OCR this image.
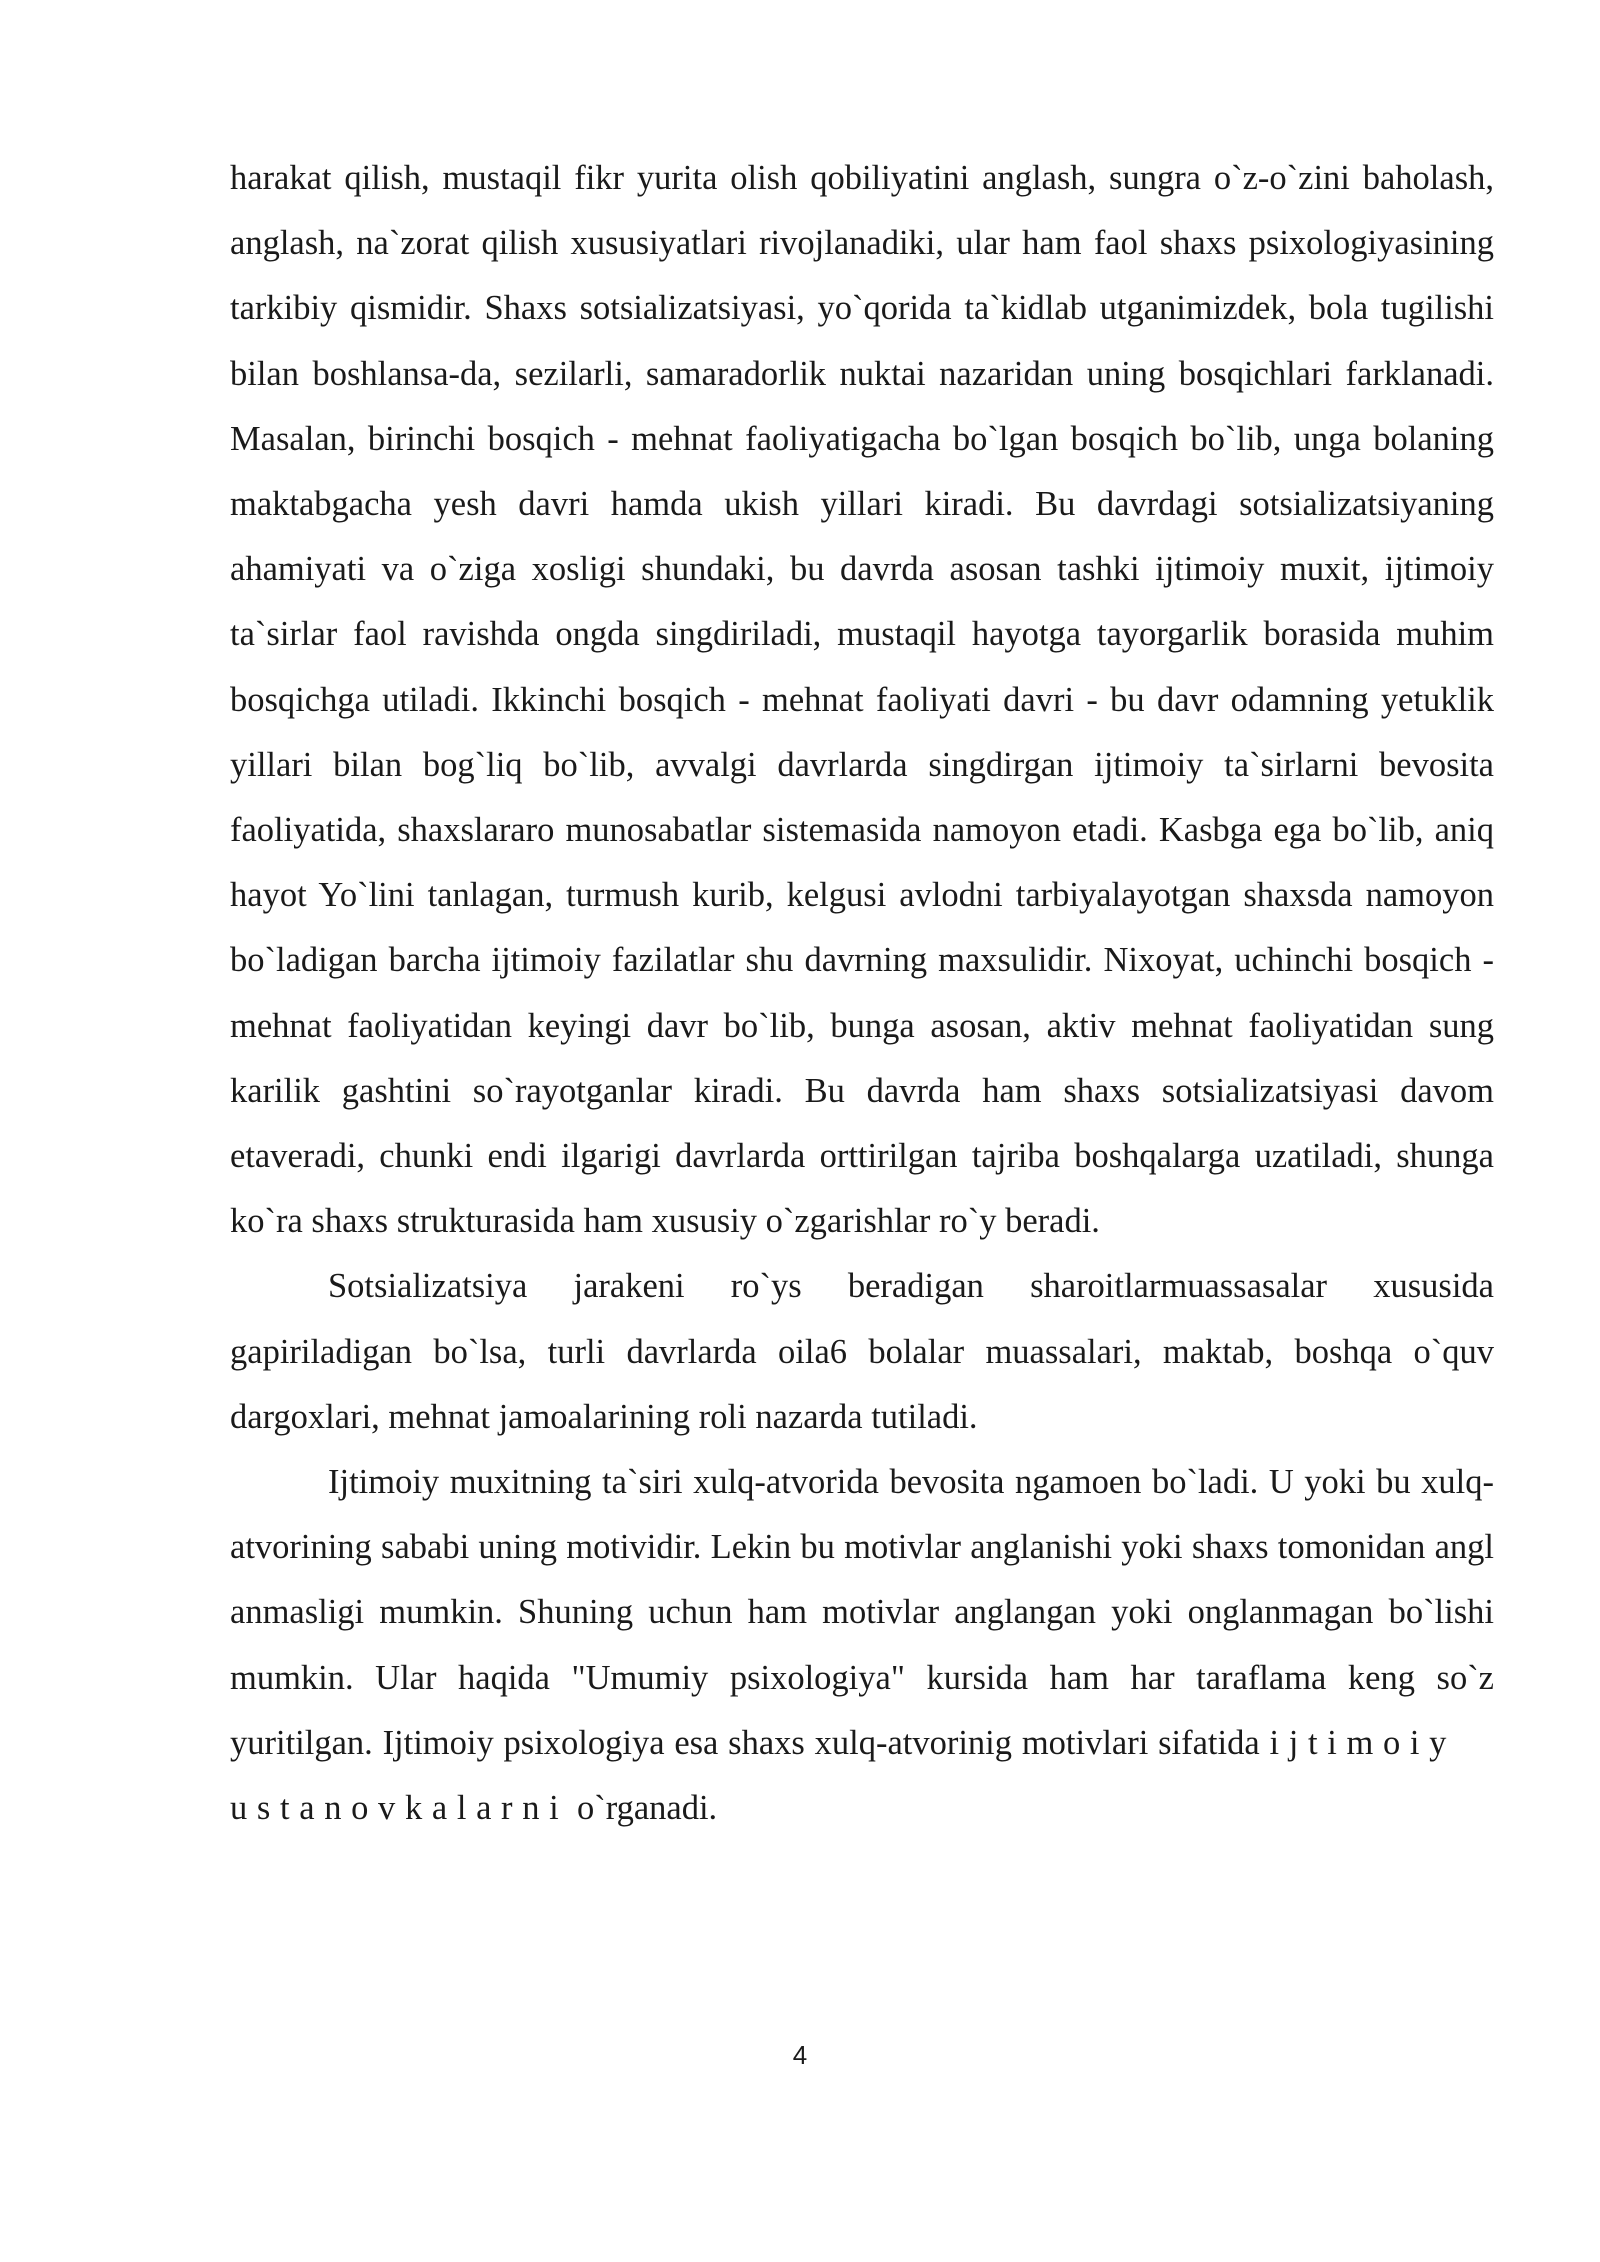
harakat qilish, mustaqil fikr yurita olish qobiliyatini anglash, sungra o`z-o`zini baholash, anglash, na`zorat qilish xususiyatlari rivojlanadiki, ular ham faol shaxs psixologiyasining tarkibiy qismidir. Shaxs sotsializatsiyasi, yo`qorida ta`kidlab utganimizdek, bola tugilishi bilan boshlansa-da, sezilarli, samaradorlik nuktai nazaridan uning bosqichlari farklanadi. Masalan, birinchi bosqich - mehnat faoliyatigacha bo`lgan bosqich bo`lib, unga bolaning maktabgacha yesh davri hamda ukish yillari kiradi. Bu davrdagi sotsializatsiyaning ahamiyati va o`ziga xosligi shundaki, bu davrda asosan tashki ijtimoiy muxit, ijtimoiy ta`sirlar faol ravishda ongda singdiriladi, mustaqil hayotga tayorgarlik borasida muhim bosqichga utiladi. Ikkinchi bosqich - mehnat faoliyati davri - bu davr odamning yetuklik yillari bilan bog`liq bo`lib, avvalgi davrlarda singdirgan ijtimoiy ta`sirlarni bevosita faoliyatida, shaxslararo munosabatlar sistemasida namoyon etadi. Kasbga ega bo`lib, aniq hayot Yo`lini tanlagan, turmush kurib, kelgusi avlodni tarbiyalayotgan shaxsda namoyon bo`ladigan barcha ijtimoiy fazilatlar shu davrning maxsulidir. Nixoyat, uchinchi bosqich - mehnat faoliyatidan keyingi davr bo`lib, bunga asosan, aktiv mehnat faoliyatidan sung karilik gashtini so`rayotganlar kiradi. Bu davrda ham shaxs sotsializatsiyasi davom etaveradi, chunki endi ilgarigi davrlarda orttirilgan tajriba boshqalarga uzatiladi, shunga ko`ra shaxs strukturasida ham xususiy o`zgarishlar ro`y beradi.

Sotsializatsiya jarakeni ro`ys beradigan sharoitlarmuassasalar xususida gapiriladigan bo`lsa, turli davrlarda oila6 bolalar muassalari, maktab, boshqa o`quv dargoxlari, mehnat jamoalarining roli nazarda tutiladi.

Ijtimoiy muxitning ta`siri xulq-atvorida bevosita ngamoen bo`ladi. U yoki bu xulq-atvorining sababi uning motividir. Lekin bu motivlar anglanishi yoki shaxs tomonidan angl anmasligi mumkin. Shuning uchun ham motivlar anglangan yoki onglanmagan bo`lishi mumkin. Ular haqida "Umumiy psixologiya" kursida ham har taraflama keng so`z yuritilgan. Ijtimoiy psixologiya esa shaxs xulq-atvorinig motivlari sifatida ijtimoiyustanovkalarni o`rganadi.

4
